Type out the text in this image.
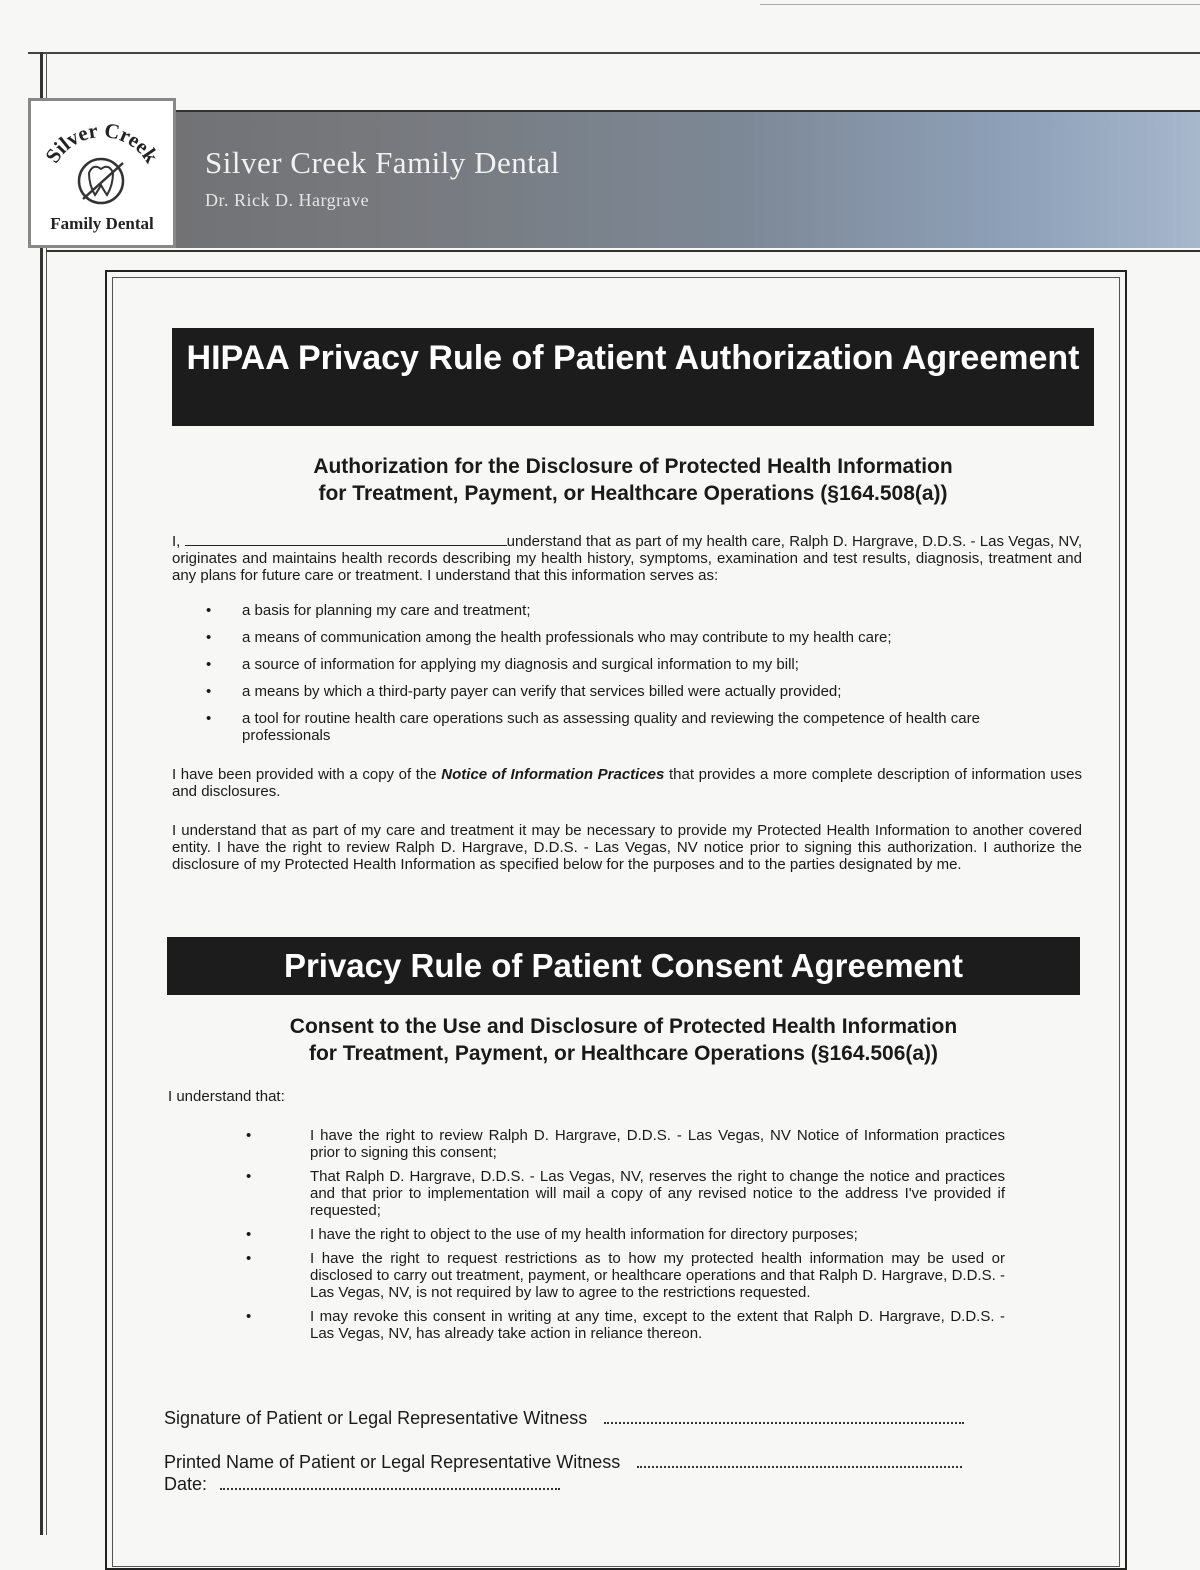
Silver Creek
Family Dental
Silver Creek Family Dental
Dr. Rick D. Hargrave
HIPAA Privacy Rule of Patient Authorization Agreement
Authorization for the Disclosure of Protected Health Information
for Treatment, Payment, or Healthcare Operations (§164.508(a))
I,	understand that as part of my health care, Ralph D. Hargrave, D.D.S. - Las Vegas, NV, originates and maintains health records describing my health history, symptoms, examination and test results, diagnosis, treatment and any plans for future care or treatment. I understand that this information serves as:
• a basis for planning my care and treatment;
• a means of communication among the health professionals who may contribute to my health care;
• a source of information for applying my diagnosis and surgical information to my bill;
• a means by which a third-party payer can verify that services billed were actually provided;
• a tool for routine health care operations such as assessing quality and reviewing the competence of health care professionals
I have been provided with a copy of the Notice of Information Practices that provides a more complete description of information uses and disclosures.
I understand that as part of my care and treatment it may be necessary to provide my Protected Health Information to another covered entity. I have the right to review Ralph D. Hargrave, D.D.S. - Las Vegas, NV notice prior to signing this authorization. I authorize the disclosure of my Protected Health Information as specified below for the purposes and to the parties designated by me.
Privacy Rule of Patient Consent Agreement
Consent to the Use and Disclosure of Protected Health Information
for Treatment, Payment, or Healthcare Operations (§164.506(a))
I understand that:
•	I have the right to review Ralph D. Hargrave, D.D.S. - Las Vegas, NV Notice of Information practices prior to signing this consent;
•	That Ralph D. Hargrave, D.D.S. - Las Vegas, NV, reserves the right to change the notice and practices and that prior to implementation will mail a copy of any revised notice to the address I've provided if requested;
•	I have the right to object to the use of my health information for directory purposes;
•	I have the right to request restrictions as to how my protected health information may be used or disclosed to carry out treatment, payment, or healthcare operations and that Ralph D. Hargrave, D.D.S. - Las Vegas, NV, is not required by law to agree to the restrictions requested.
•	I may revoke this consent in writing at any time, except to the extent that Ralph D. Hargrave, D.D.S. - Las Vegas, NV, has already take action in reliance thereon.
Signature of Patient or Legal Representative Witness
Printed Name of Patient or Legal Representative Witness
Date:
